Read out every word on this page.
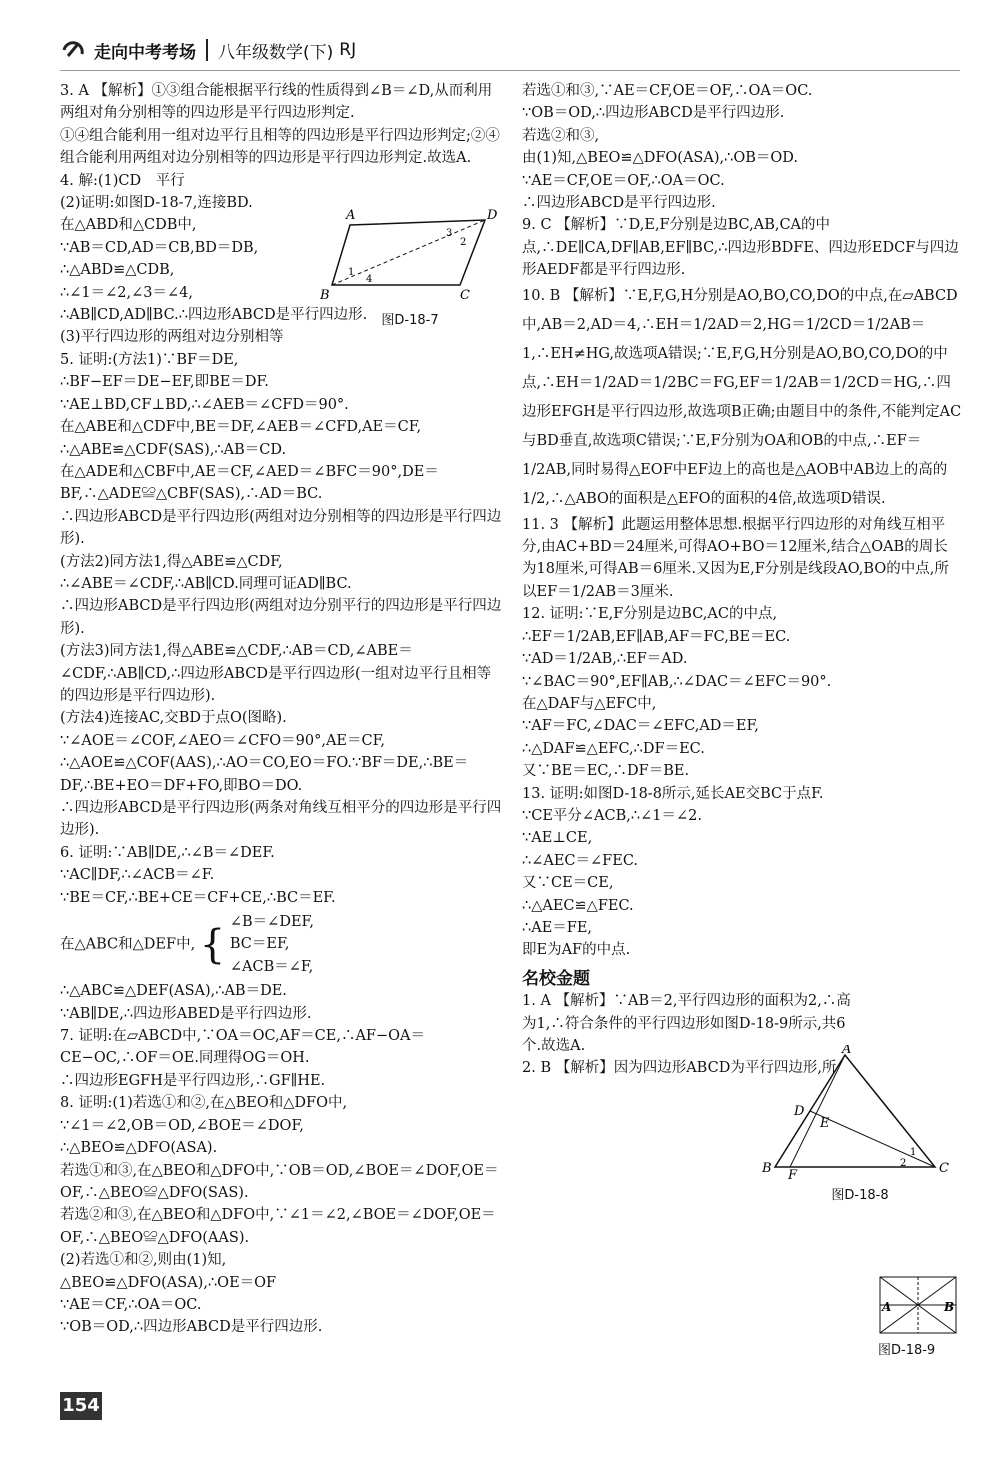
走向中考考场 八年级数学(下) RJ

3. A 【解析】①③组合能根据平行线的性质得到∠B＝∠D,从而利用两组对角分别相等的四边形是平行四边形判定.

①④组合能利用一组对边平行且相等的四边形是平行四边形判定;②④组合能利用两组对边分别相等的四边形是平行四边形判定.故选A.

4. 解:(1)CD　平行

(2)证明:如图D-18-7,连接BD.

在△ABD和△CDB中,

∵AB＝CD,AD＝CB,BD＝DB,

∴△ABD≌△CDB,

∴∠1＝∠2,∠3＝∠4,

∴AB∥CD,AD∥BC.∴四边形ABCD是平行四边形.

(3)平行四边形的两组对边分别相等

5. 证明:(方法1)∵BF＝DE,

∴BF−EF＝DE−EF,即BE＝DF.

∵AE⊥BD,CF⊥BD,∴∠AEB＝∠CFD＝90°.

在△ABE和△CDF中,BE＝DF,∠AEB＝∠CFD,AE＝CF,

∴△ABE≌△CDF(SAS),∴AB＝CD.

在△ADE和△CBF中,AE＝CF,∠AED＝∠BFC＝90°,DE＝BF,∴△ADE≌△CBF(SAS),∴AD＝BC.

∴四边形ABCD是平行四边形(两组对边分别相等的四边形是平行四边形).

(方法2)同方法1,得△ABE≌△CDF,

∴∠ABE＝∠CDF,∴AB∥CD.同理可证AD∥BC.

∴四边形ABCD是平行四边形(两组对边分别平行的四边形是平行四边形).

(方法3)同方法1,得△ABE≌△CDF,∴AB＝CD,∠ABE＝∠CDF,∴AB∥CD,∴四边形ABCD是平行四边形(一组对边平行且相等的四边形是平行四边形).

(方法4)连接AC,交BD于点O(图略).

∵∠AOE＝∠COF,∠AEO＝∠CFO＝90°,AE＝CF,

∴△AOE≌△COF(AAS),∴AO＝CO,EO＝FO.∵BF＝DE,∴BE＝DF,∴BE+EO＝DF+FO,即BO＝DO.

∴四边形ABCD是平行四边形(两条对角线互相平分的四边形是平行四边形).

6. 证明:∵AB∥DE,∴∠B＝∠DEF.

∵AC∥DF,∴∠ACB＝∠F.

∵BE＝CF,∴BE+CE＝CF+CE,∴BC＝EF.

在△ABC和△DEF中, { ∠B＝∠DEF,
BC＝EF,
∠ACB＝∠F,

∴△ABC≌△DEF(ASA),∴AB＝DE.

∵AB∥DE,∴四边形ABED是平行四边形.

7. 证明:在▱ABCD中,∵OA＝OC,AF＝CE,∴AF−OA＝CE−OC,∴OF＝OE.同理得OG＝OH.

∴四边形EGFH是平行四边形,∴GF∥HE.

8. 证明:(1)若选①和②,在△BEO和△DFO中,

∵∠1＝∠2,OB＝OD,∠BOE＝∠DOF,

∴△BEO≌△DFO(ASA).

若选①和③,在△BEO和△DFO中,∵OB＝OD,∠BOE＝∠DOF,OE＝OF,∴△BEO≌△DFO(SAS).

若选②和③,在△BEO和△DFO中,∵∠1＝∠2,∠BOE＝∠DOF,OE＝OF,∴△BEO≌△DFO(AAS).

(2)若选①和②,则由(1)知,

△BEO≌△DFO(ASA),∴OE＝OF

∵AE＝CF,∴OA＝OC.

∵OB＝OD,∴四边形ABCD是平行四边形.

A	D
B	C
1
4
3
2
图D-18-7

若选①和③,∵AE＝CF,OE＝OF,∴OA＝OC.

∵OB＝OD,∴四边形ABCD是平行四边形.

若选②和③,

由(1)知,△BEO≌△DFO(ASA),∴OB＝OD.

∵AE＝CF,OE＝OF,∴OA＝OC.

∴四边形ABCD是平行四边形.

9. C 【解析】∵D,E,F分别是边BC,AB,CA的中点,∴DE∥CA,DF∥AB,EF∥BC,∴四边形BDFE、四边形EDCF与四边形AEDF都是平行四边形.

10. B 【解析】∵E,F,G,H分别是AO,BO,CO,DO的中点,在▱ABCD中,AB＝2,AD＝4,∴EH＝1/2AD＝2,HG＝1/2CD＝1/2AB＝1,∴EH≠HG,故选项A错误;∵E,F,G,H分别是AO,BO,CO,DO的中点,∴EH＝1/2AD＝1/2BC＝FG,EF＝1/2AB＝1/2CD＝HG,∴四边形EFGH是平行四边形,故选项B正确;由题目中的条件,不能判定AC与BD垂直,故选项C错误;∵E,F分别为OA和OB的中点,∴EF＝1/2AB,同时易得△EOF中EF边上的高也是△AOB中AB边上的高的1/2,∴△ABO的面积是△EFO的面积的4倍,故选项D错误.

11. 3 【解析】此题运用整体思想.根据平行四边形的对角线互相平分,由AC+BD＝24厘米,可得AO+BO＝12厘米,结合△OAB的周长为18厘米,可得AB＝6厘米.又因为E,F分别是线段AO,BO的中点,所以EF＝1/2AB＝3厘米.

12. 证明:∵E,F分别是边BC,AC的中点,

∴EF＝1/2AB,EF∥AB,AF＝FC,BE＝EC.

∵AD＝1/2AB,∴EF＝AD.

∵∠BAC＝90°,EF∥AB,∴∠DAC＝∠EFC＝90°.

在△DAF与△EFC中,

∵AF＝FC,∠DAC＝∠EFC,AD＝EF,

∴△DAF≌△EFC,∴DF＝EC.

又∵BE＝EC,∴DF＝BE.

13. 证明:如图D-18-8所示,延长AE交BC于点F.

∵CE平分∠ACB,∴∠1＝∠2.

∵AE⊥CE,

∴∠AEC＝∠FEC.

又∵CE＝CE,

∴△AEC≌△FEC.

∴AE＝FE,

即E为AF的中点.

名校金题

1. A 【解析】∵AB＝2,平行四边形的面积为2,∴高为1,∴符合条件的平行四边形如图D-18-9所示,共6个.故选A.

2. B 【解析】因为四边形ABCD为平行四边形,所

A
D
E
B F	C
1
2
图D-18-8
A	B
图D-18-9
154
